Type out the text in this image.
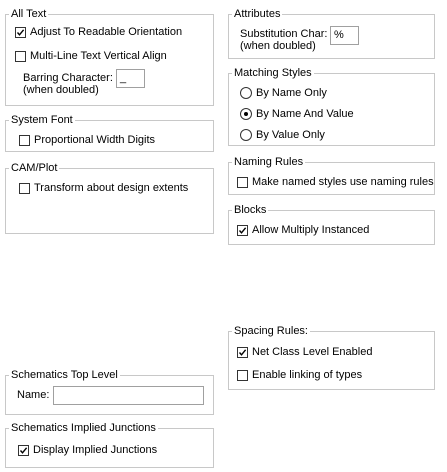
All Text
Adjust To Readable Orientation
Multi-Line Text Vertical Align
Barring Character:
(when doubled)
_
System Font
Proportional Width Digits
CAM/Plot
Transform about design extents
Schematics Top Level
Name:
Schematics Implied Junctions
Display Implied Junctions
Attributes
Substitution Char:
(when doubled)
%
Matching Styles
By Name Only
By Name And Value
By Value Only
Naming Rules
Make named styles use naming rules
Blocks
Allow Multiply Instanced
Spacing Rules:
Net Class Level Enabled
Enable linking of types
